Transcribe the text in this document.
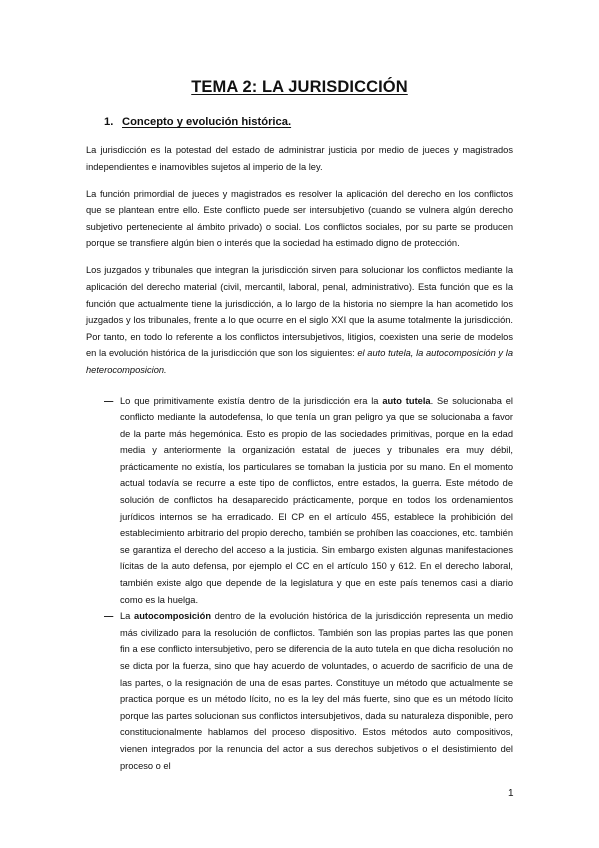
TEMA 2: LA JURISDICCIÓN
1. Concepto y evolución histórica.

La jurisdicción es la potestad del estado de administrar justicia por medio de jueces y magistrados independientes e inamovibles sujetos al imperio de la ley.

La función primordial de jueces y magistrados es resolver la aplicación del derecho en los conflictos que se plantean entre ello. Este conflicto puede ser intersubjetivo (cuando se vulnera algún derecho subjetivo perteneciente al ámbito privado) o social. Los conflictos sociales, por su parte se producen porque se transfiere algún bien o interés que la sociedad ha estimado digno de protección.

Los juzgados y tribunales que integran la jurisdicción sirven para solucionar los conflictos mediante la aplicación del derecho material (civil, mercantil, laboral, penal, administrativo). Esta función que es la función que actualmente tiene la jurisdicción, a lo largo de la historia no siempre la han acometido los juzgados y los tribunales, frente a lo que ocurre en el siglo XXI que la asume totalmente la jurisdicción. Por tanto, en todo lo referente a los conflictos intersubjetivos, litigios, coexisten una serie de modelos en la evolución histórica de la jurisdicción que son los siguientes: el auto tutela, la autocomposición y la heterocomposicion.

— Lo que primitivamente existía dentro de la jurisdicción era la auto tutela. Se solucionaba el conflicto mediante la autodefensa, lo que tenía un gran peligro ya que se solucionaba a favor de la parte más hegemónica. Esto es propio de las sociedades primitivas, porque en la edad media y anteriormente la organización estatal de jueces y tribunales era muy débil, prácticamente no existía, los particulares se tomaban la justicia por su mano. En el momento actual todavía se recurre a este tipo de conflictos, entre estados, la guerra. Este método de solución de conflictos ha desaparecido prácticamente, porque en todos los ordenamientos jurídicos internos se ha erradicado. El CP en el artículo 455, establece la prohibición del establecimiento arbitrario del propio derecho, también se prohíben las coacciones, etc. también se garantiza el derecho del acceso a la justicia. Sin embargo existen algunas manifestaciones lícitas de la auto defensa, por ejemplo el CC en el artículo 150 y 612. En el derecho laboral, también existe algo que depende de la legislatura y que en este país tenemos casi a diario como es la huelga.
— La autocomposición dentro de la evolución histórica de la jurisdicción representa un medio más civilizado para la resolución de conflictos. También son las propias partes las que ponen fin a ese conflicto intersubjetivo, pero se diferencia de la auto tutela en que dicha resolución no se dicta por la fuerza, sino que hay acuerdo de voluntades, o acuerdo de sacrificio de una de las partes, o la resignación de una de esas partes. Constituye un método que actualmente se practica porque es un método lícito, no es la ley del más fuerte, sino que es un método lícito porque las partes solucionan sus conflictos intersubjetivos, dada su naturaleza disponible, pero constitucionalmente hablamos del proceso dispositivo. Estos métodos auto compositivos, vienen integrados por la renuncia del actor a sus derechos subjetivos o el desistimiento del proceso o el
1
